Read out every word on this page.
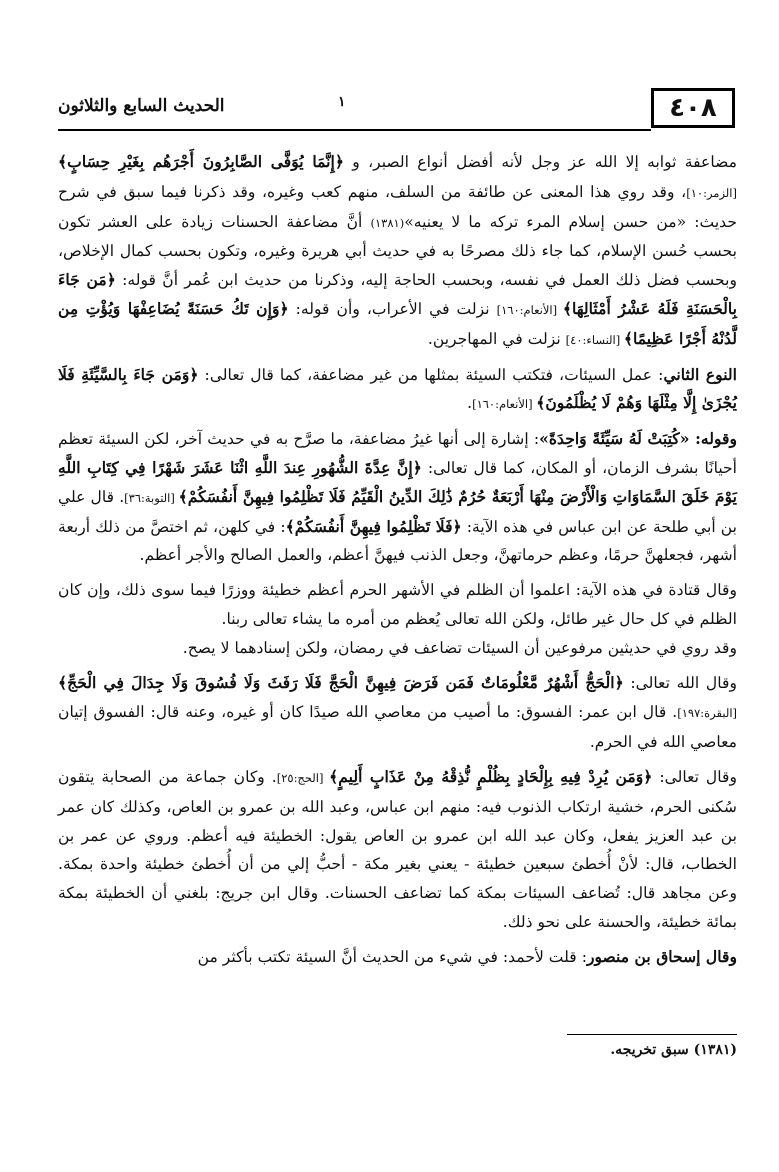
٤٠٨
١
الحديث السابع والثلاثون

مضاعفة ثوابه إلا الله عز وجل لأنه أفضل أنواع الصبر، و ﴿إِنَّمَا يُوَفَّى الصَّابِرُونَ أَجْرَهُم بِغَيْرِ حِسَابٍ﴾ [الزمر:١٠]، وقد روي هذا المعنى عن طائفة من السلف، منهم كعب وغيره، وقد ذكرنا فيما سبق في شرح حديث: «من حسن إسلام المرء تركه ما لا يعنيه»(١٣٨١) أنَّ مضاعفة الحسنات زيادة على العشر تكون بحسب حُسن الإسلام، كما جاء ذلك مصرحًا به في حديث أبي هريرة وغيره، وتكون بحسب كمال الإخلاص، وبحسب فضل ذلك العمل في نفسه، وبحسب الحاجة إليه، وذكرنا من حديث ابن عُمر أنَّ قوله: ﴿مَن جَاءَ بِالْحَسَنَةِ فَلَهُ عَشْرُ أَمْثَالِهَا﴾ [الأنعام:١٦٠] نزلت في الأعراب، وأن قوله: ﴿وَإِن تَكُ حَسَنَةً يُضَاعِفْهَا وَيُؤْتِ مِن لَّدُنْهُ أَجْرًا عَظِيمًا﴾ [النساء:٤٠] نزلت في المهاجرين.

النوع الثاني: عمل السيئات، فتكتب السيئة بمثلها من غير مضاعفة، كما قال تعالى: ﴿وَمَن جَاءَ بِالسَّيِّئَةِ فَلَا يُجْزَىٰ إِلَّا مِثْلَهَا وَهُمْ لَا يُظْلَمُونَ﴾ [الأنعام:١٦٠].

وقوله: «كُتِبَتْ لَهُ سَيِّئَةً وَاحِدَةً»: إشارة إلى أنها غيرُ مضاعفة، ما صرَّح به في حديث آخر، لكن السيئة تعظم أحيانًا بشرف الزمان، أو المكان، كما قال تعالى: ﴿إِنَّ عِدَّةَ الشُّهُورِ عِندَ اللَّهِ اثْنَا عَشَرَ شَهْرًا فِي كِتَابِ اللَّهِ يَوْمَ خَلَقَ السَّمَاوَاتِ وَالْأَرْضَ مِنْهَا أَرْبَعَةٌ حُرُمٌ ذَٰلِكَ الدِّينُ الْقَيِّمُ فَلَا تَظْلِمُوا فِيهِنَّ أَنفُسَكُمْ﴾ [التوبة:٣٦]. قال علي بن أبي طلحة عن ابن عباس في هذه الآية: ﴿فَلَا تَظْلِمُوا فِيهِنَّ أَنفُسَكُمْ﴾: في كلهن، ثم اختصَّ من ذلك أربعة أشهر، فجعلهنَّ حرمًا، وعظم حرماتهنَّ، وجعل الذنب فيهنَّ أعظم، والعمل الصالح والأجر أعظم.

وقال قتادة في هذه الآية: اعلموا أن الظلم في الأشهر الحرم أعظم خطيئة ووزرًا فيما سوى ذلك، وإن كان الظلم في كل حال غير طائل، ولكن الله تعالى يُعظم من أمره ما يشاء تعالى ربنا.

وقد روي في حديثين مرفوعين أن السيئات تضاعف في رمضان، ولكن إسنادهما لا يصح.

وقال الله تعالى: ﴿الْحَجُّ أَشْهُرٌ مَّعْلُومَاتٌ فَمَن فَرَضَ فِيهِنَّ الْحَجَّ فَلَا رَفَثَ وَلَا فُسُوقَ وَلَا جِدَالَ فِي الْحَجِّ﴾ [البقرة:١٩٧]. قال ابن عمر: الفسوق: ما أصيب من معاصي الله صيدًا كان أو غيره، وعنه قال: الفسوق إتيان معاصي الله في الحرم.

وقال تعالى: ﴿وَمَن يُرِدْ فِيهِ بِإِلْحَادٍ بِظُلْمٍ نُّذِقْهُ مِنْ عَذَابٍ أَلِيمٍ﴾ [الحج:٢٥]. وكان جماعة من الصحابة يتقون سُكنى الحرم، خشية ارتكاب الذنوب فيه: منهم ابن عباس، وعبد الله بن عمرو بن العاص، وكذلك كان عمر بن عبد العزيز يفعل، وكان عبد الله ابن عمرو بن العاص يقول: الخطيئة فيه أعظم. وروي عن عمر بن الخطاب، قال: لأنْ أُخطئ سبعين خطيئة - يعني بغير مكة - أحبُّ إلي من أن أُخطئ خطيئة واحدة بمكة. وعن مجاهد قال: تُضاعف السيئات بمكة كما تضاعف الحسنات. وقال ابن جريج: بلغني أن الخطيئة بمكة بمائة خطيئة، والحسنة على نحو ذلك.

وقال إسحاق بن منصور: قلت لأحمد: في شيء من الحديث أنَّ السيئة تكتب بأكثر من

(١٣٨١) سبق تخريجه.
